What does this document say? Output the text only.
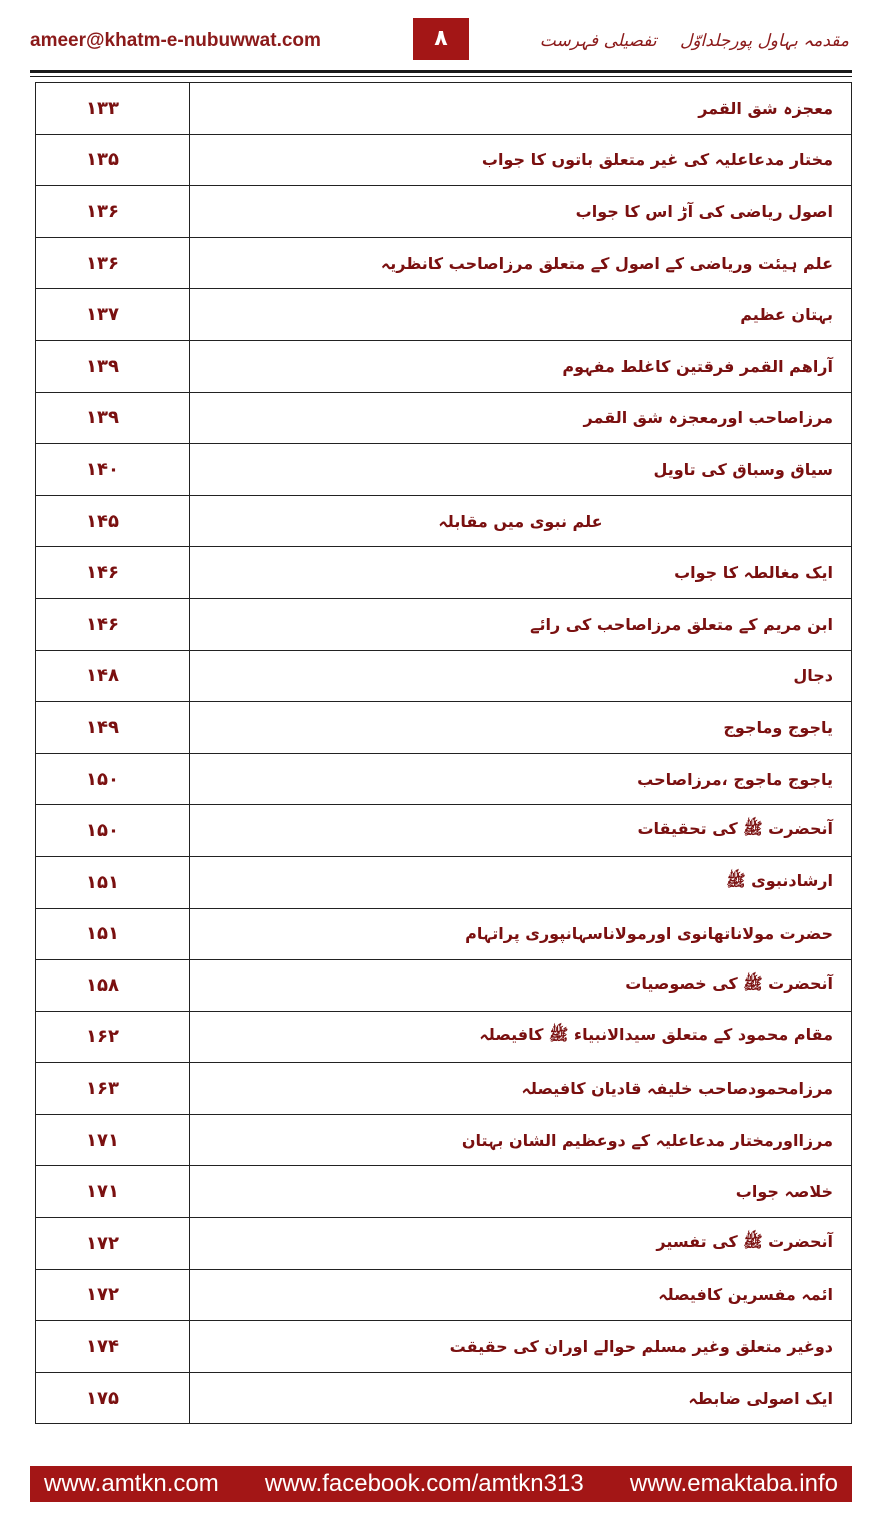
ameer@khatm-e-nubuwwat.com	۸	مقدمہ بہاول پورجلداوّل تفصیلی فہرست
۱۳۳	معجزہ شق القمر
۱۳۵	مختار مدعاعلیہ کی غیر متعلق باتوں کا جواب
۱۳۶	اصول ریاضی کی آڑ اس کا جواب
۱۳۶	علم ہیئت وریاضی کے اصول کے متعلق مرزاصاحب کانظریہ
۱۳۷	بہتان عظیم
۱۳۹	آراھم القمر فرقتین کاغلط مفہوم
۱۳۹	مرزاصاحب اورمعجزہ شق القمر
۱۴۰	سیاق وسباق کی تاویل
۱۴۵	علم نبوی میں مقابلہ
۱۴۶	ایک مغالطہ کا جواب
۱۴۶	ابن مریم کے متعلق مرزاصاحب کی رائے
۱۴۸	دجال
۱۴۹	یاجوج وماجوج
۱۵۰	یاجوج ماجوج ،مرزاصاحب
۱۵۰	آنحضرت ﷺ کی تحقیقات
۱۵۱	ارشادنبوی ﷺ
۱۵۱	حضرت مولاناتھانوی اورمولاناسہانپوری پراتہام
۱۵۸	آنحضرت ﷺ کی خصوصیات
۱۶۲	مقام محمود کے متعلق سیدالانبیاء ﷺ کافیصلہ
۱۶۳	مرزامحمودصاحب خلیفہ قادیان کافیصلہ
۱۷۱	مرزااورمختار مدعاعلیہ کے دوعظیم الشان بہتان
۱۷۱	خلاصہ جواب
۱۷۲	آنحضرت ﷺ کی تفسیر
۱۷۲	ائمہ مفسرین کافیصلہ
۱۷۴	دوغیر متعلق وغیر مسلم حوالے اوران کی حقیقت
۱۷۵	ایک اصولی ضابطہ
www.amtkn.com www.facebook.com/amtkn313 www.emaktaba.info
